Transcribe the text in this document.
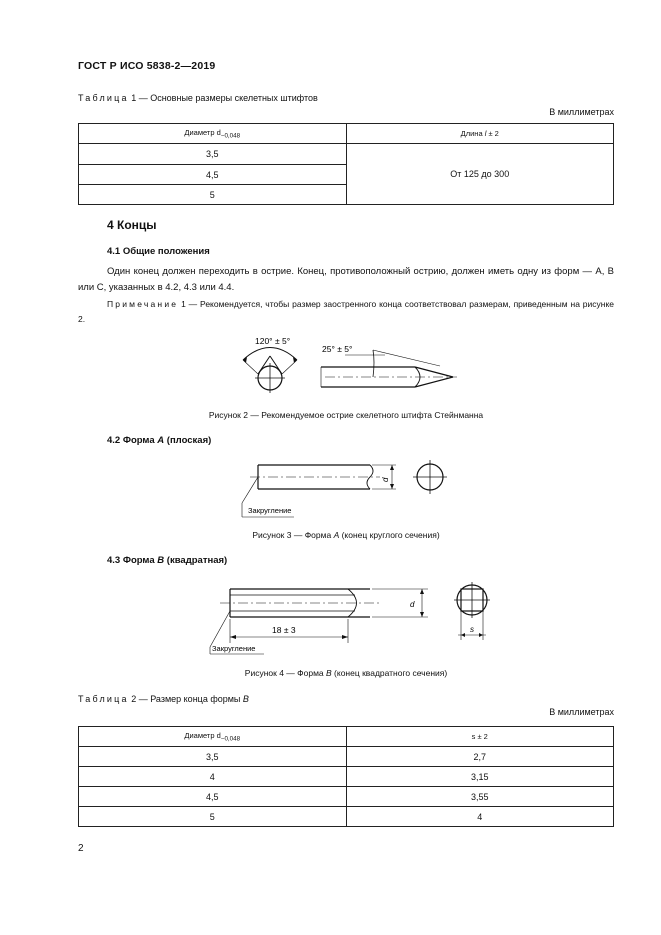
ГОСТ Р ИСО 5838-2—2019
Таблица 1 — Основные размеры скелетных штифтов
В миллиметрах
Диаметр $d_{-0,048}$	Длина l ± 2
3,5	От 125 до 300
4,5	
5	
4 Концы
4.1 Общие положения
Один конец должен переходить в острие. Конец, противоположный острию, должен иметь одну из форм — A, B или C, указанных в 4.2, 4.3 или 4.4.
Примечание 1 — Рекомендуется, чтобы размер заостренного конца соответствовал размерам, приведенным на рисунке 2.
120° ± 5°
25° ± 5°
Рисунок 2 — Рекомендуемое острие скелетного штифта Стейнманна
4.2 Форма А (плоская)
d
Закругление
Рисунок 3 — Форма А (конец круглого сечения)
4.3 Форма В (квадратная)
18 ± 3
d
s
Закругление
Рисунок 4 — Форма В (конец квадратного сечения)
Таблица 2 — Размер конца формы В
В миллиметрах
Диаметр $d_{-0,048}$	s ± 2
3,5	2,7
4	3,15
4,5	3,55
5	4
2
